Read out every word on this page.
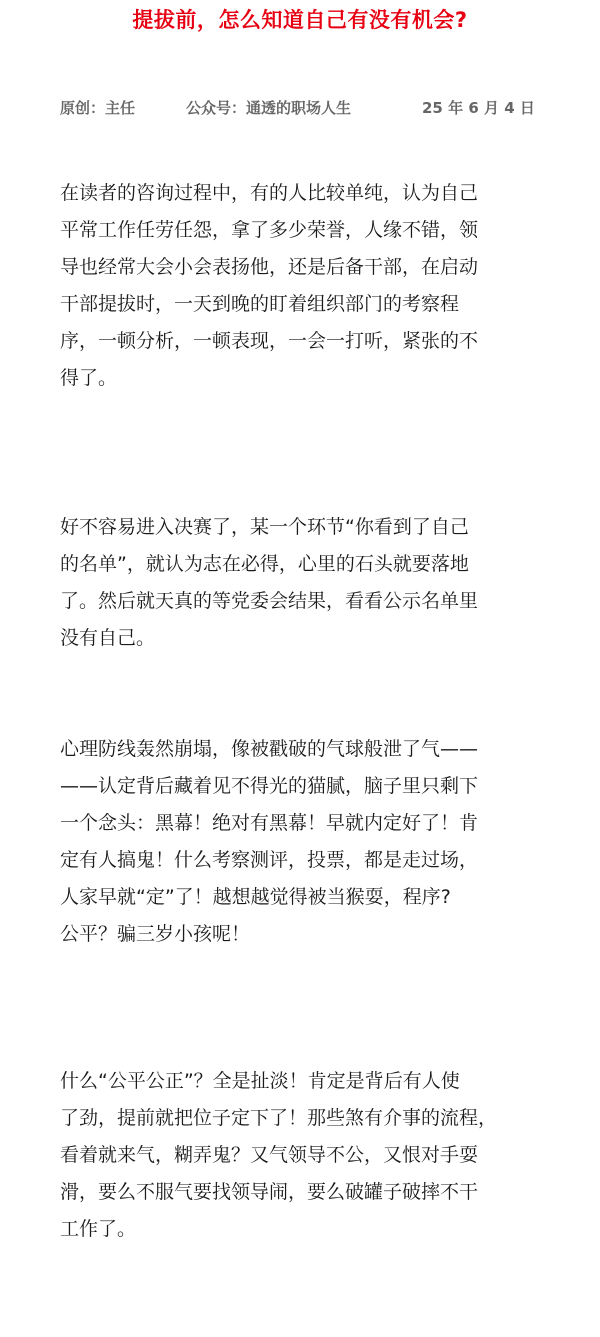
提拔前，怎么知道自己有没有机会?
原创：主任	公众号：通透的职场人生	25 年 6 月 4 日
在读者的咨询过程中，有的人比较单纯，认为自己
平常工作任劳任怨，拿了多少荣誉，人缘不错，领
导也经常大会小会表扬他，还是后备干部，在启动
干部提拔时，一天到晚的盯着组织部门的考察程
序，一顿分析，一顿表现，一会一打听，紧张的不
得了。
好不容易进入决赛了，某一个环节“你看到了自己
的名单”，就认为志在必得，心里的石头就要落地
了。然后就天真的等党委会结果，看看公示名单里
没有自己。
心理防线轰然崩塌，像被戳破的气球般泄了气——
——认定背后藏着见不得光的猫腻，脑子里只剩下
一个念头：黑幕！绝对有黑幕！早就内定好了！肯
定有人搞鬼！什么考察测评，投票，都是走过场，
人家早就“定”了！越想越觉得被当猴耍，程序?
公平？骗三岁小孩呢！
什么“公平公正”？全是扯淡！肯定是背后有人使
了劲，提前就把位子定下了！那些煞有介事的流程，
看着就来气，糊弄鬼？又气领导不公，又恨对手耍
滑，要么不服气要找领导闹，要么破罐子破摔不干
工作了。
